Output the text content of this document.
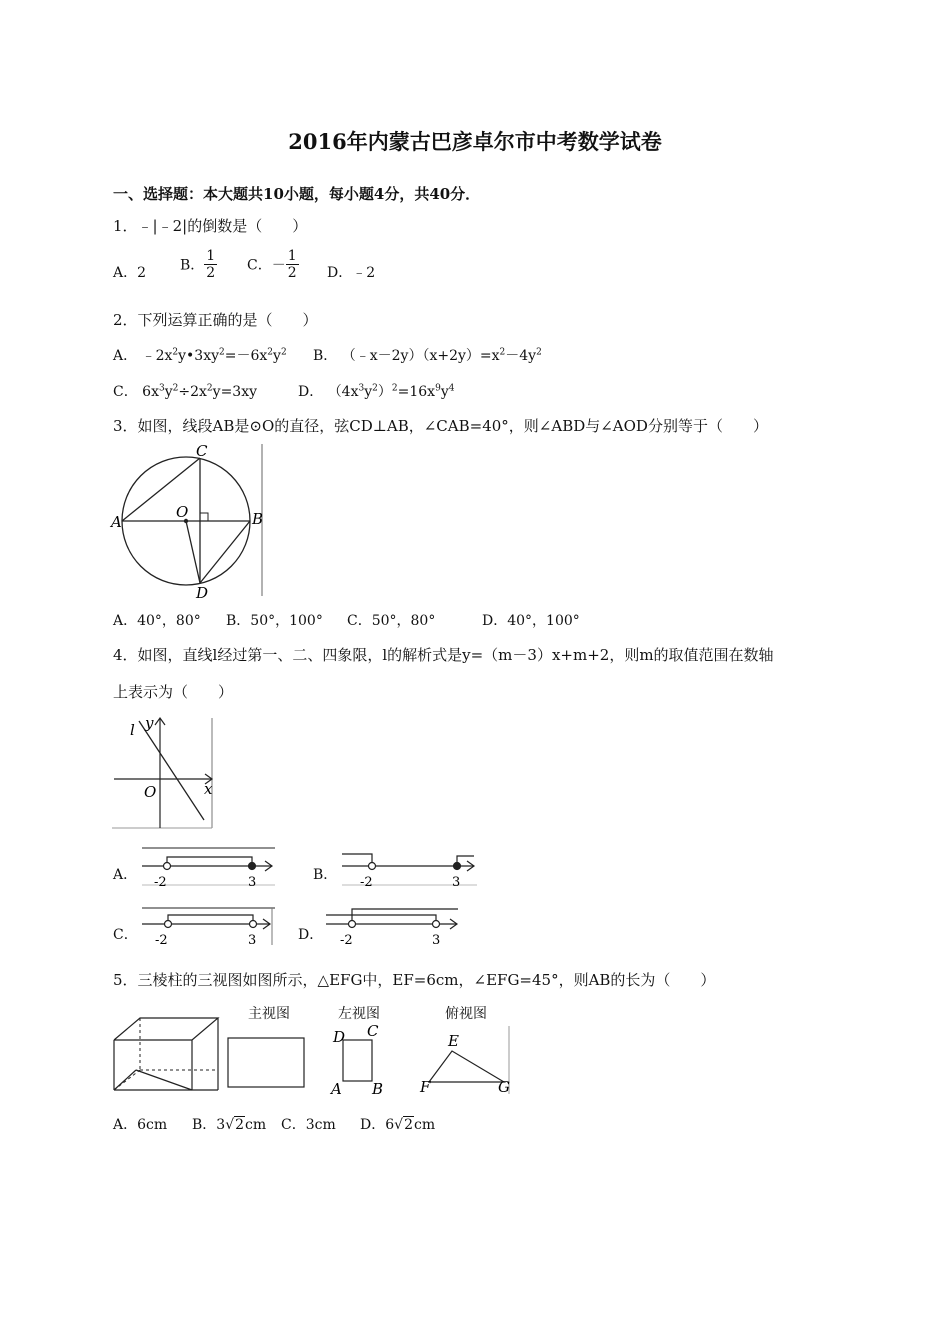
2016年内蒙古巴彦卓尔市中考数学试卷
一、选择题：本大题共10小题，每小题4分，共40分．
1．﹣|﹣2|的倒数是（　　）
A．2 B． $\frac{1}{2}$ C．－ $\frac{1}{2}$ D．﹣2
2．下列运算正确的是（　　）
A． $﹣2x^2y•3xy^2=-6x^2y^2$ B． $(﹣x-2y)(x+2y)=x^2-4y^2$
C． $6x^3y^2\div 2x^2y=3xy$	D． $(4x^3y^2)^2=16x^9y^4$
3．如图，线段AB是⊙O的直径，弦CD⊥AB，∠CAB=40°，则∠ABD与∠AOD分别等于（　　）
C
A	B
O
D
A．40°，80° B．50°，100° C．50°，80°	D．40°，100°
4．如图，直线l经过第一、二、四象限，l的解析式是y=（m－3）x+m+2，则m的取值范围在数轴
上表示为（　　）
l y
x
O
A． -2	3	B． -2	3
C． -2	3	D． -2	3
5．三棱柱的三视图如图所示，△EFG中，EF=6cm，∠EFG=45°，则AB的长为（　　）
主视图	左视图
D C
A B
俯视图
E
F	G
A．6cm B．3√2cm C．3cm D．6√2cm
